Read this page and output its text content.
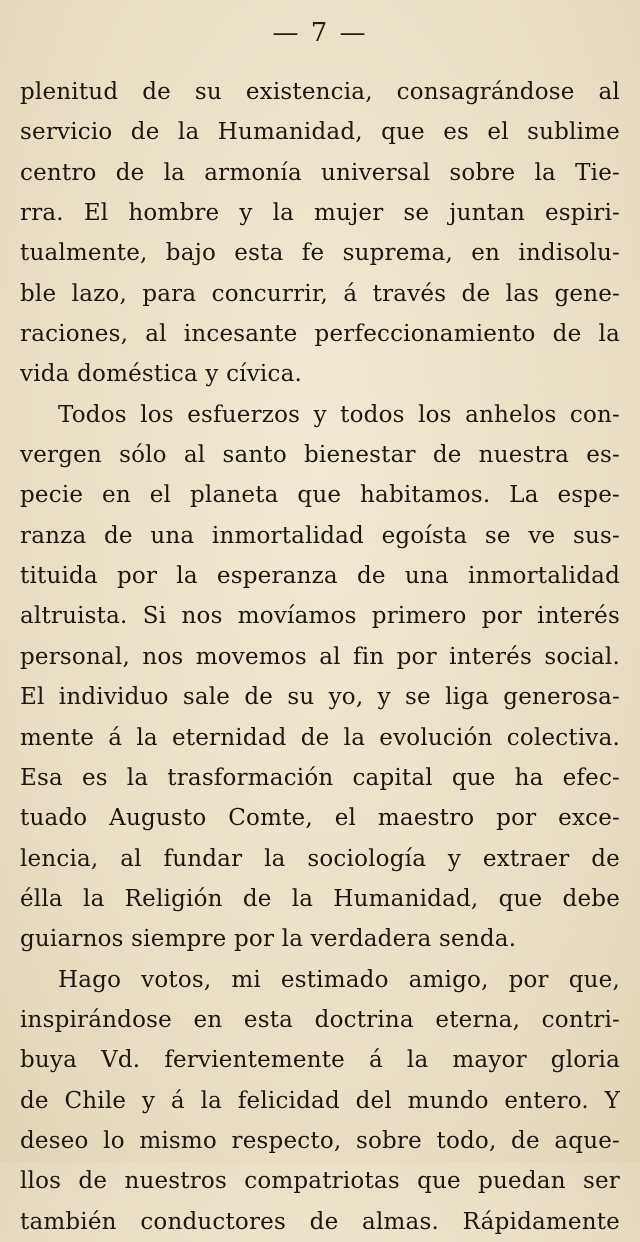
— 7 —

plenitud de su existencia, consagrándose al
servicio de la Humanidad, que es el sublime
centro de la armonía universal sobre la Tie-
rra. El hombre y la mujer se juntan espiri-
tualmente, bajo esta fe suprema, en indisolu-
ble lazo, para concurrir, á través de las gene-
raciones, al incesante perfeccionamiento de la
vida doméstica y cívica.

Todos los esfuerzos y todos los anhelos con-
vergen sólo al santo bienestar de nuestra es-
pecie en el planeta que habitamos. La espe-
ranza de una inmortalidad egoísta se ve sus-
tituida por la esperanza de una inmortalidad
altruista. Si nos movíamos primero por interés
personal, nos movemos al fin por interés social.
El individuo sale de su yo, y se liga generosa-
mente á la eternidad de la evolución colectiva.
Esa es la trasformación capital que ha efec-
tuado Augusto Comte, el maestro por exce-
lencia, al fundar la sociología y extraer de
élla la Religión de la Humanidad, que debe
guiarnos siempre por la verdadera senda.

Hago votos, mi estimado amigo, por que,
inspirándose en esta doctrina eterna, contri-
buya Vd. fervientemente á la mayor gloria
de Chile y á la felicidad del mundo entero. Y
deseo lo mismo respecto, sobre todo, de aque-
llos de nuestros compatriotas que puedan ser
también conductores de almas. Rápidamente
